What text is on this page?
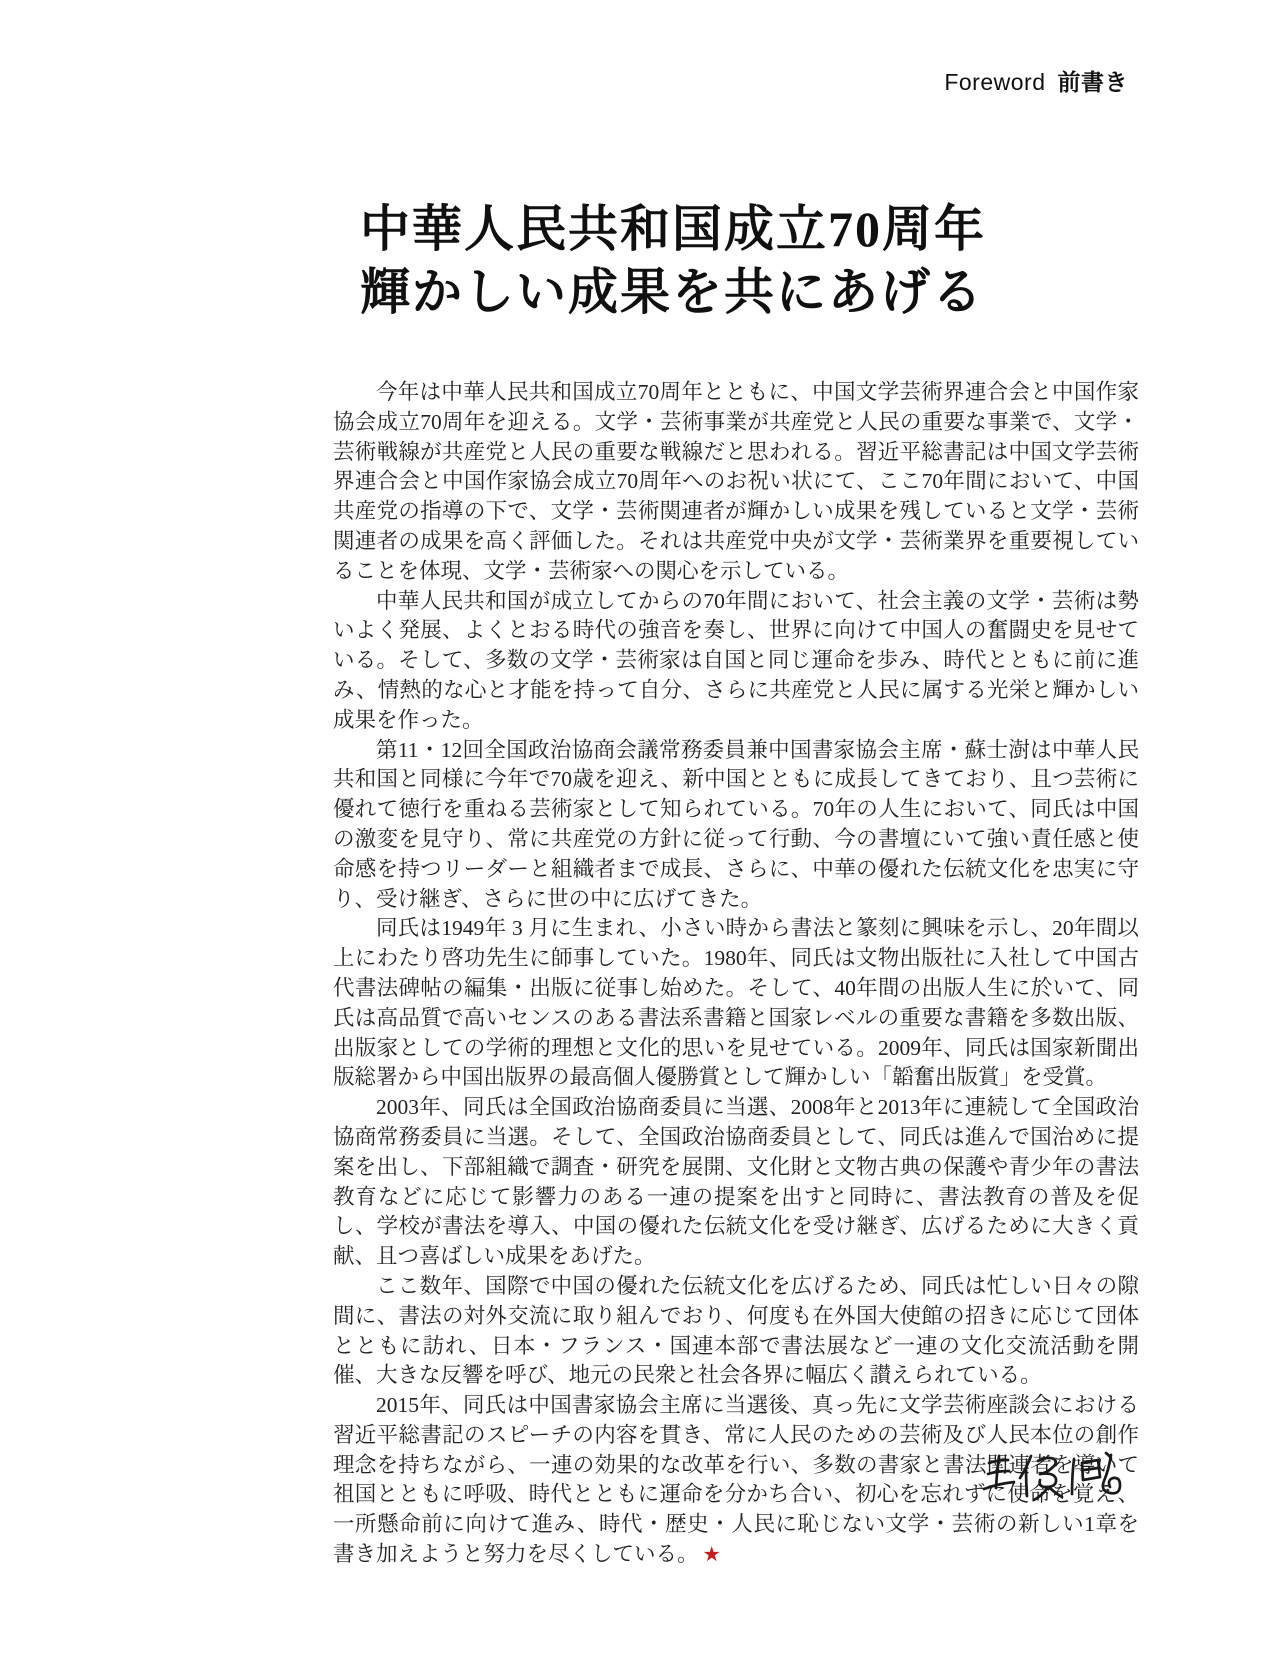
Foreword 前書き
中華人民共和国成立70周年
輝かしい成果を共にあげる

今年は中華人民共和国成立70周年とともに、中国文学芸術界連合会と中国作家協会成立70周年を迎える。文学・芸術事業が共産党と人民の重要な事業で、文学・芸術戦線が共産党と人民の重要な戦線だと思われる。習近平総書記は中国文学芸術界連合会と中国作家協会成立70周年へのお祝い状にて、ここ70年間において、中国共産党の指導の下で、文学・芸術関連者が輝かしい成果を残していると文学・芸術関連者の成果を高く評価した。それは共産党中央が文学・芸術業界を重要視していることを体現、文学・芸術家への関心を示している。

中華人民共和国が成立してからの70年間において、社会主義の文学・芸術は勢いよく発展、よくとおる時代の強音を奏し、世界に向けて中国人の奮闘史を見せている。そして、多数の文学・芸術家は自国と同じ運命を歩み、時代とともに前に進み、情熱的な心と才能を持って自分、さらに共産党と人民に属する光栄と輝かしい成果を作った。

第11・12回全国政治協商会議常務委員兼中国書家協会主席・蘇士澍は中華人民共和国と同様に今年で70歳を迎え、新中国とともに成長してきており、且つ芸術に優れて徳行を重ねる芸術家として知られている。70年の人生において、同氏は中国の激変を見守り、常に共産党の方針に従って行動、今の書壇にいて強い責任感と使命感を持つリーダーと組織者まで成長、さらに、中華の優れた伝統文化を忠実に守り、受け継ぎ、さらに世の中に広げてきた。

同氏は1949年 3 月に生まれ、小さい時から書法と篆刻に興味を示し、20年間以上にわたり啓功先生に師事していた。1980年、同氏は文物出版社に入社して中国古代書法碑帖の編集・出版に従事し始めた。そして、40年間の出版人生に於いて、同氏は高品質で高いセンスのある書法系書籍と国家レベルの重要な書籍を多数出版、出版家としての学術的理想と文化的思いを見せている。2009年、同氏は国家新聞出版総署から中国出版界の最高個人優勝賞として輝かしい「韜奮出版賞」を受賞。

2003年、同氏は全国政治協商委員に当選、2008年と2013年に連続して全国政治協商常務委員に当選。そして、全国政治協商委員として、同氏は進んで国治めに提案を出し、下部組織で調査・研究を展開、文化財と文物古典の保護や青少年の書法教育などに応じて影響力のある一連の提案を出すと同時に、書法教育の普及を促し、学校が書法を導入、中国の優れた伝統文化を受け継ぎ、広げるために大きく貢献、且つ喜ばしい成果をあげた。

ここ数年、国際で中国の優れた伝統文化を広げるため、同氏は忙しい日々の隙間に、書法の対外交流に取り組んでおり、何度も在外国大使館の招きに応じて団体とともに訪れ、日本・フランス・国連本部で書法展など一連の文化交流活動を開催、大きな反響を呼び、地元の民衆と社会各界に幅広く讃えられている。

2015年、同氏は中国書家協会主席に当選後、真っ先に文学芸術座談会における習近平総書記のスピーチの内容を貫き、常に人民のための芸術及び人民本位の創作理念を持ちながら、一連の効果的な改革を行い、多数の書家と書法関連者を導いて祖国とともに呼吸、時代とともに運命を分かち合い、初心を忘れずに使命を覚え、一所懸命前に向けて進み、時代・歴史・人民に恥じない文学・芸術の新しい1章を書き加えようと努力を尽くしている。 ★
